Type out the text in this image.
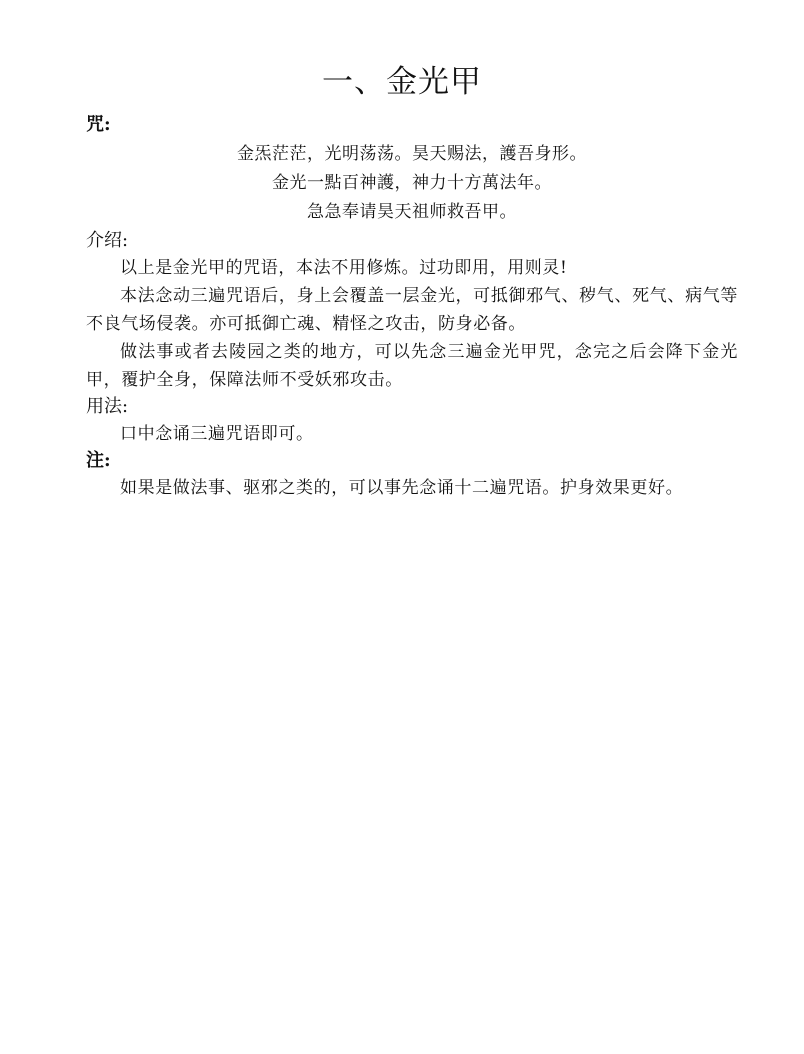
一、金光甲
咒:
金炁茫茫，光明荡荡。昊天赐法，護吾身形。
金光一點百神護，神力十方萬法年。
急急奉请昊天祖师救吾甲。
介绍:

以上是金光甲的咒语，本法不用修炼。过功即用，用则灵!

本法念动三遍咒语后，身上会覆盖一层金光，可抵御邪气、秽气、死气、病气等不良气场侵袭。亦可抵御亡魂、精怪之攻击，防身必备。

做法事或者去陵园之类的地方，可以先念三遍金光甲咒，念完之后会降下金光甲，覆护全身，保障法师不受妖邪攻击。

用法:

口中念诵三遍咒语即可。

注:

如果是做法事、驱邪之类的，可以事先念诵十二遍咒语。护身效果更好。
